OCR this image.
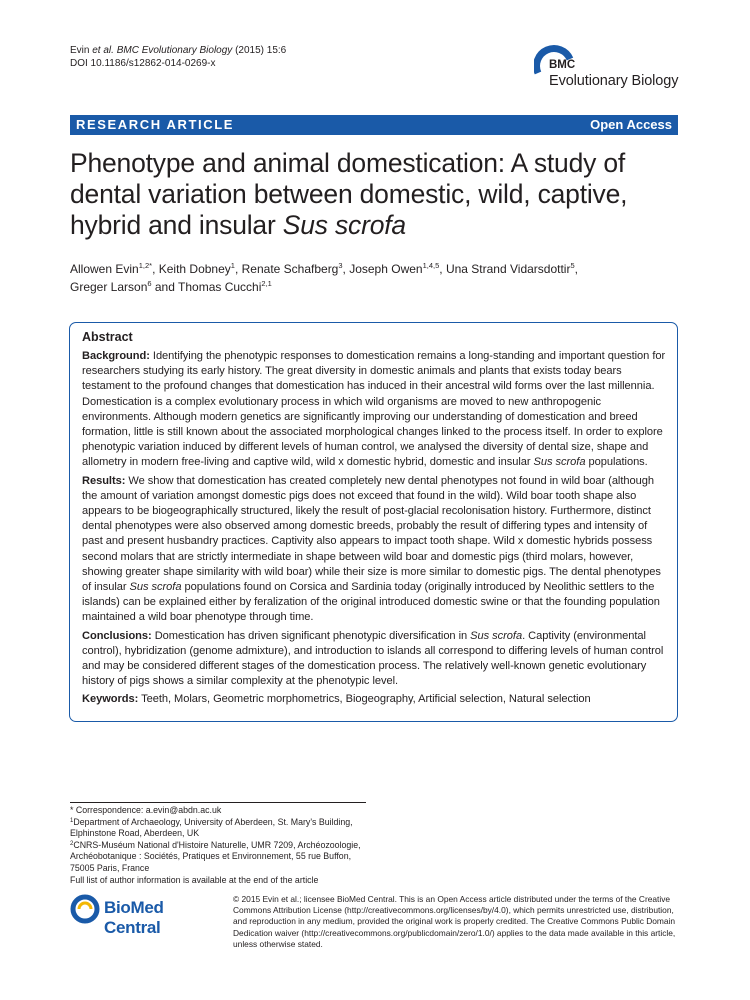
Evin et al. BMC Evolutionary Biology (2015) 15:6
DOI 10.1186/s12862-014-0269-x	BMC
Evolutionary Biology
RESEARCH ARTICLE	Open Access
Phenotype and animal domestication: A study of
dental variation between domestic, wild, captive,
hybrid and insular Sus scrofa
Allowen Evin$^{1,2*}$, Keith Dobney$^1$, Renate Schafberg$^3$, Joseph Owen$^{1,4,5}$, Una Strand Vidarsdottir$^5$,
Greger Larson$^6$ and Thomas Cucchi$^{2,1}$
Abstract

Background: Identifying the phenotypic responses to domestication remains a long-standing and important question for researchers studying its early history. The great diversity in domestic animals and plants that exists today bears testament to the profound changes that domestication has induced in their ancestral wild forms over the last millennia. Domestication is a complex evolutionary process in which wild organisms are moved to new anthropogenic environments. Although modern genetics are significantly improving our understanding of domestication and breed formation, little is still known about the associated morphological changes linked to the process itself. In order to explore phenotypic variation induced by different levels of human control, we analysed the diversity of dental size, shape and allometry in modern free-living and captive wild, wild x domestic hybrid, domestic and insular Sus scrofa populations.

Results: We show that domestication has created completely new dental phenotypes not found in wild boar (although the amount of variation amongst domestic pigs does not exceed that found in the wild). Wild boar tooth shape also appears to be biogeographically structured, likely the result of post-glacial recolonisation history. Furthermore, distinct dental phenotypes were also observed among domestic breeds, probably the result of differing types and intensity of past and present husbandry practices. Captivity also appears to impact tooth shape. Wild x domestic hybrids possess second molars that are strictly intermediate in shape between wild boar and domestic pigs (third molars, however, showing greater shape similarity with wild boar) while their size is more similar to domestic pigs. The dental phenotypes of insular Sus scrofa populations found on Corsica and Sardinia today (originally introduced by Neolithic settlers to the islands) can be explained either by feralization of the original introduced domestic swine or that the founding population maintained a wild boar phenotype through time.

Conclusions: Domestication has driven significant phenotypic diversification in Sus scrofa. Captivity (environmental control), hybridization (genome admixture), and introduction to islands all correspond to differing levels of human control and may be considered different stages of the domestication process. The relatively well-known genetic evolutionary history of pigs shows a similar complexity at the phenotypic level.

Keywords: Teeth, Molars, Geometric morphometrics, Biogeography, Artificial selection, Natural selection

* Correspondence: a.evin@abdn.ac.uk
$^1$Department of Archaeology, University of Aberdeen, St. Mary's Building, Elphinstone Road, Aberdeen, UK
$^2$CNRS-Muséum National d'Histoire Naturelle, UMR 7209, Archéozoologie, Archéobotanique : Sociétés, Pratiques et Environnement, 55 rue Buffon, 75005 Paris, France
Full list of author information is available at the end of the article
BioMed Central
© 2015 Evin et al.; licensee BioMed Central. This is an Open Access article distributed under the terms of the Creative Commons Attribution License (http://creativecommons.org/licenses/by/4.0), which permits unrestricted use, distribution, and reproduction in any medium, provided the original work is properly credited. The Creative Commons Public Domain Dedication waiver (http://creativecommons.org/publicdomain/zero/1.0/) applies to the data made available in this article, unless otherwise stated.
